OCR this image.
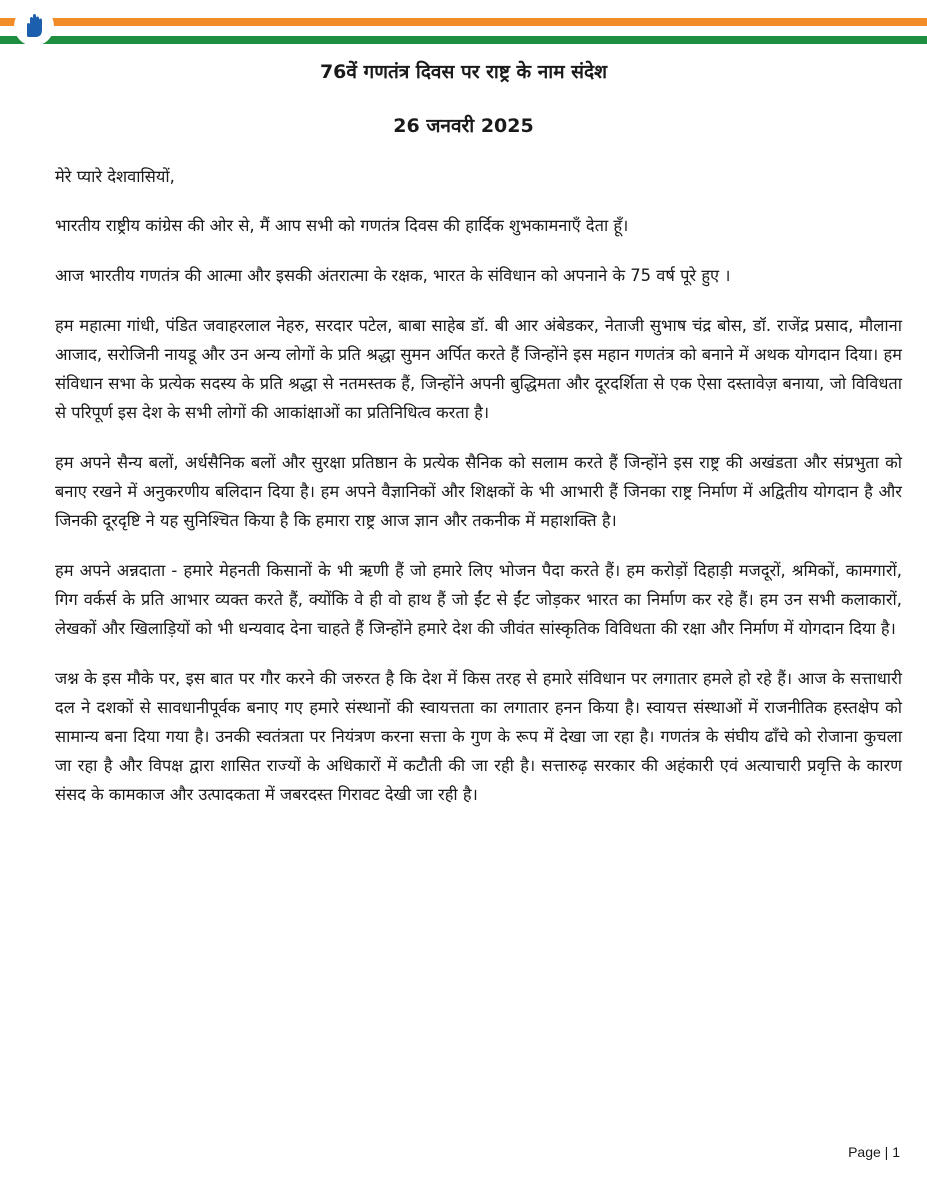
76वें गणतंत्र दिवस पर राष्ट्र के नाम संदेश
26 जनवरी 2025

मेरे प्यारे देशवासियों,

भारतीय राष्ट्रीय कांग्रेस की ओर से, मैं आप सभी को गणतंत्र दिवस की हार्दिक शुभकामनाएँ देता हूँ।

आज भारतीय गणतंत्र की आत्मा और इसकी अंतरात्मा के रक्षक, भारत के संविधान को अपनाने के 75 वर्ष पूरे हुए ।

हम महात्मा गांधी, पंडित जवाहरलाल नेहरु, सरदार पटेल, बाबा साहेब डॉ. बी आर अंबेडकर, नेताजी सुभाष चंद्र बोस, डॉ. राजेंद्र प्रसाद, मौलाना आजाद, सरोजिनी नायडू और उन अन्य लोगों के प्रति श्रद्धा सुमन अर्पित करते हैं जिन्होंने इस महान गणतंत्र को बनाने में अथक योगदान दिया। हम संविधान सभा के प्रत्येक सदस्य के प्रति श्रद्धा से नतमस्तक हैं, जिन्होंने अपनी बुद्धिमता और दूरदर्शिता से एक ऐसा दस्तावेज़ बनाया, जो विविधता से परिपूर्ण इस देश के सभी लोगों की आकांक्षाओं का प्रतिनिधित्व करता है।

हम अपने सैन्य बलों, अर्धसैनिक बलों और सुरक्षा प्रतिष्ठान के प्रत्येक सैनिक को सलाम करते हैं जिन्होंने इस राष्ट्र की अखंडता और संप्रभुता को बनाए रखने में अनुकरणीय बलिदान दिया है। हम अपने वैज्ञानिकों और शिक्षकों के भी आभारी हैं जिनका राष्ट्र निर्माण में अद्वितीय योगदान है और जिनकी दूरदृष्टि ने यह सुनिश्चित किया है कि हमारा राष्ट्र आज ज्ञान और तकनीक में महाशक्ति है।

हम अपने अन्नदाता - हमारे मेहनती किसानों के भी ऋणी हैं जो हमारे लिए भोजन पैदा करते हैं। हम करोड़ों दिहाड़ी मजदूरों, श्रमिकों, कामगारों, गिग वर्कर्स के प्रति आभार व्यक्त करते हैं, क्योंकि वे ही वो हाथ हैं जो ईंट से ईंट जोड़कर भारत का निर्माण कर रहे हैं। हम उन सभी कलाकारों, लेखकों और खिलाड़ियों को भी धन्यवाद देना चाहते हैं जिन्होंने हमारे देश की जीवंत सांस्कृतिक विविधता की रक्षा और निर्माण में योगदान दिया है।

जश्न के इस मौके पर, इस बात पर गौर करने की जरुरत है कि देश में किस तरह से हमारे संविधान पर लगातार हमले हो रहे हैं। आज के सत्ताधारी दल ने दशकों से सावधानीपूर्वक बनाए गए हमारे संस्थानों की स्वायत्तता का लगातार हनन किया है। स्वायत्त संस्थाओं में राजनीतिक हस्तक्षेप को सामान्य बना दिया गया है। उनकी स्वतंत्रता पर नियंत्रण करना सत्ता के गुण के रूप में देखा जा रहा है। गणतंत्र के संघीय ढाँचे को रोजाना कुचला जा रहा है और विपक्ष द्वारा शासित राज्यों के अधिकारों में कटौती की जा रही है। सत्तारुढ़ सरकार की अहंकारी एवं अत्याचारी प्रवृत्ति के कारण संसद के कामकाज और उत्पादकता में जबरदस्त गिरावट देखी जा रही है।

Page | 1
